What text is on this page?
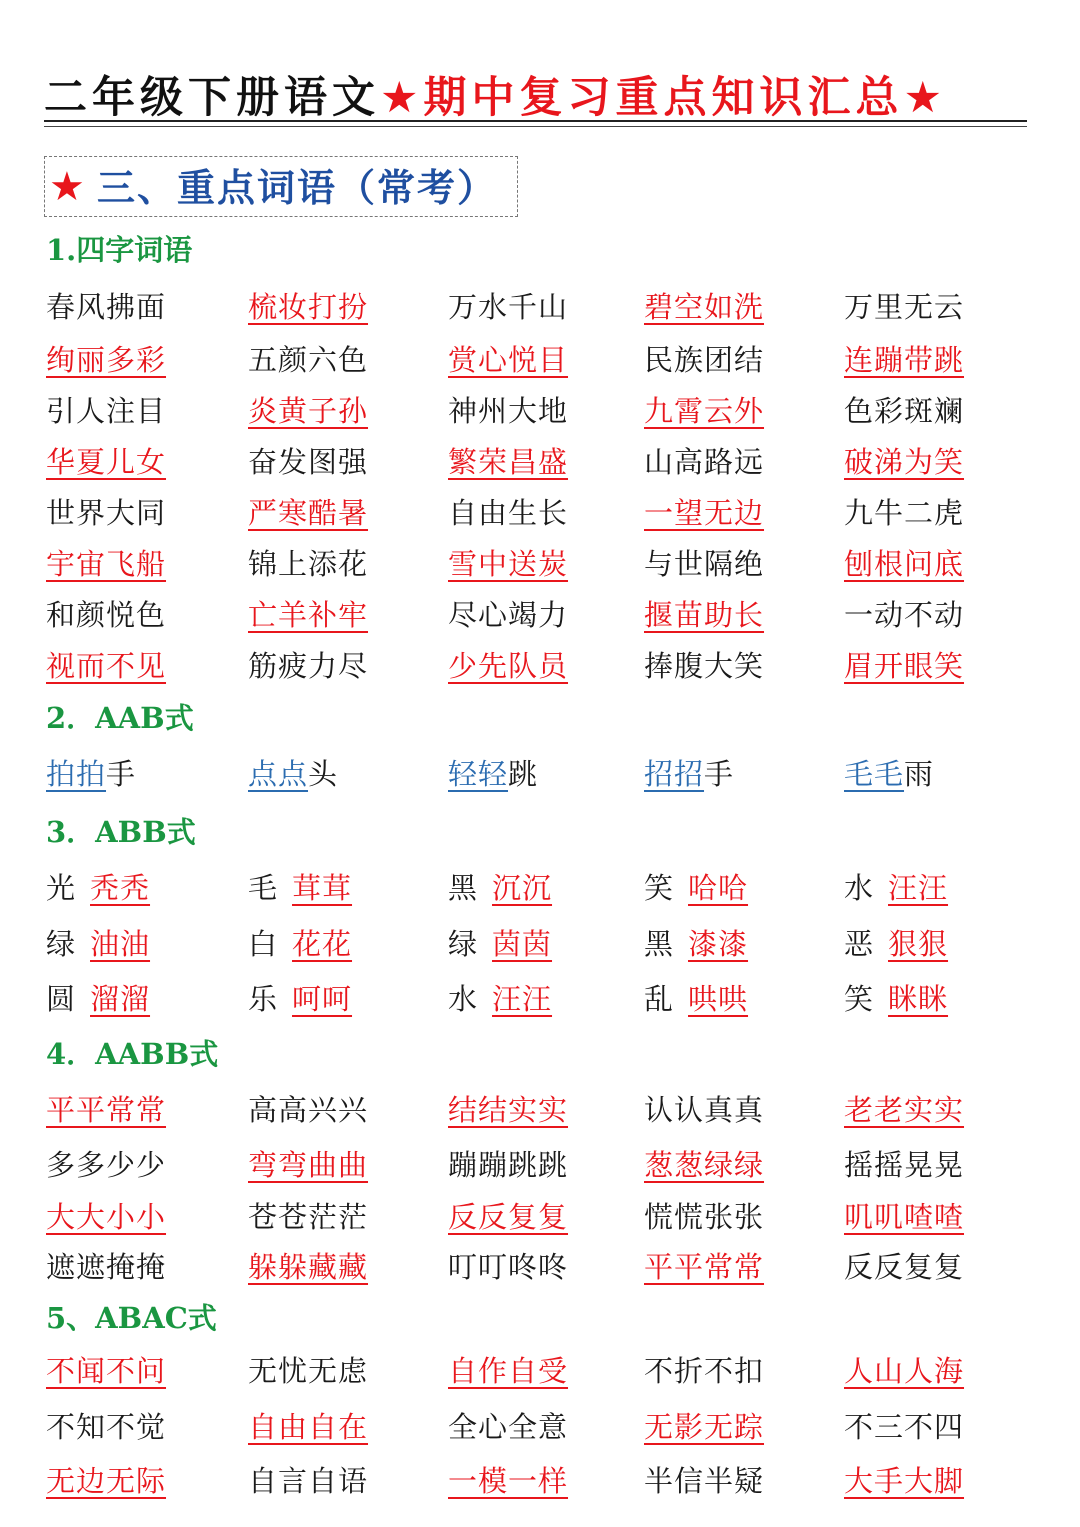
二年级下册语文★期中复习重点知识汇总★
★ 三、重点词语（常考）
1.四字词语
2．AAB式
3．ABB式
4．AABB式
5、ABAC式
春风拂面	梳妆打扮	万水千山	碧空如洗	万里无云
绚丽多彩	五颜六色	赏心悦目	民族团结	连蹦带跳
引人注目	炎黄子孙	神州大地	九霄云外	色彩斑斓
华夏儿女	奋发图强	繁荣昌盛	山高路远	破涕为笑
世界大同	严寒酷暑	自由生长	一望无边	九牛二虎
宇宙飞船	锦上添花	雪中送炭	与世隔绝	刨根问底
和颜悦色	亡羊补牢	尽心竭力	揠苗助长	一动不动
视而不见	筋疲力尽	少先队员	捧腹大笑	眉开眼笑
拍拍手	点点头	轻轻跳	招招手	毛毛雨
光 秃秃	毛 茸茸	黑 沉沉	笑 哈哈	水 汪汪
绿 油油	白 花花	绿 茵茵	黑 漆漆	恶 狠狠
圆 溜溜	乐 呵呵	水 汪汪	乱 哄哄	笑 眯眯
平平常常	高高兴兴	结结实实	认认真真	老老实实
多多少少	弯弯曲曲	蹦蹦跳跳	葱葱绿绿	摇摇晃晃
大大小小	苍苍茫茫	反反复复	慌慌张张	叽叽喳喳
遮遮掩掩	躲躲藏藏	叮叮咚咚	平平常常	反反复复
不闻不问	无忧无虑	自作自受	不折不扣	人山人海
不知不觉	自由自在	全心全意	无影无踪	不三不四
无边无际	自言自语	一模一样	半信半疑	大手大脚
